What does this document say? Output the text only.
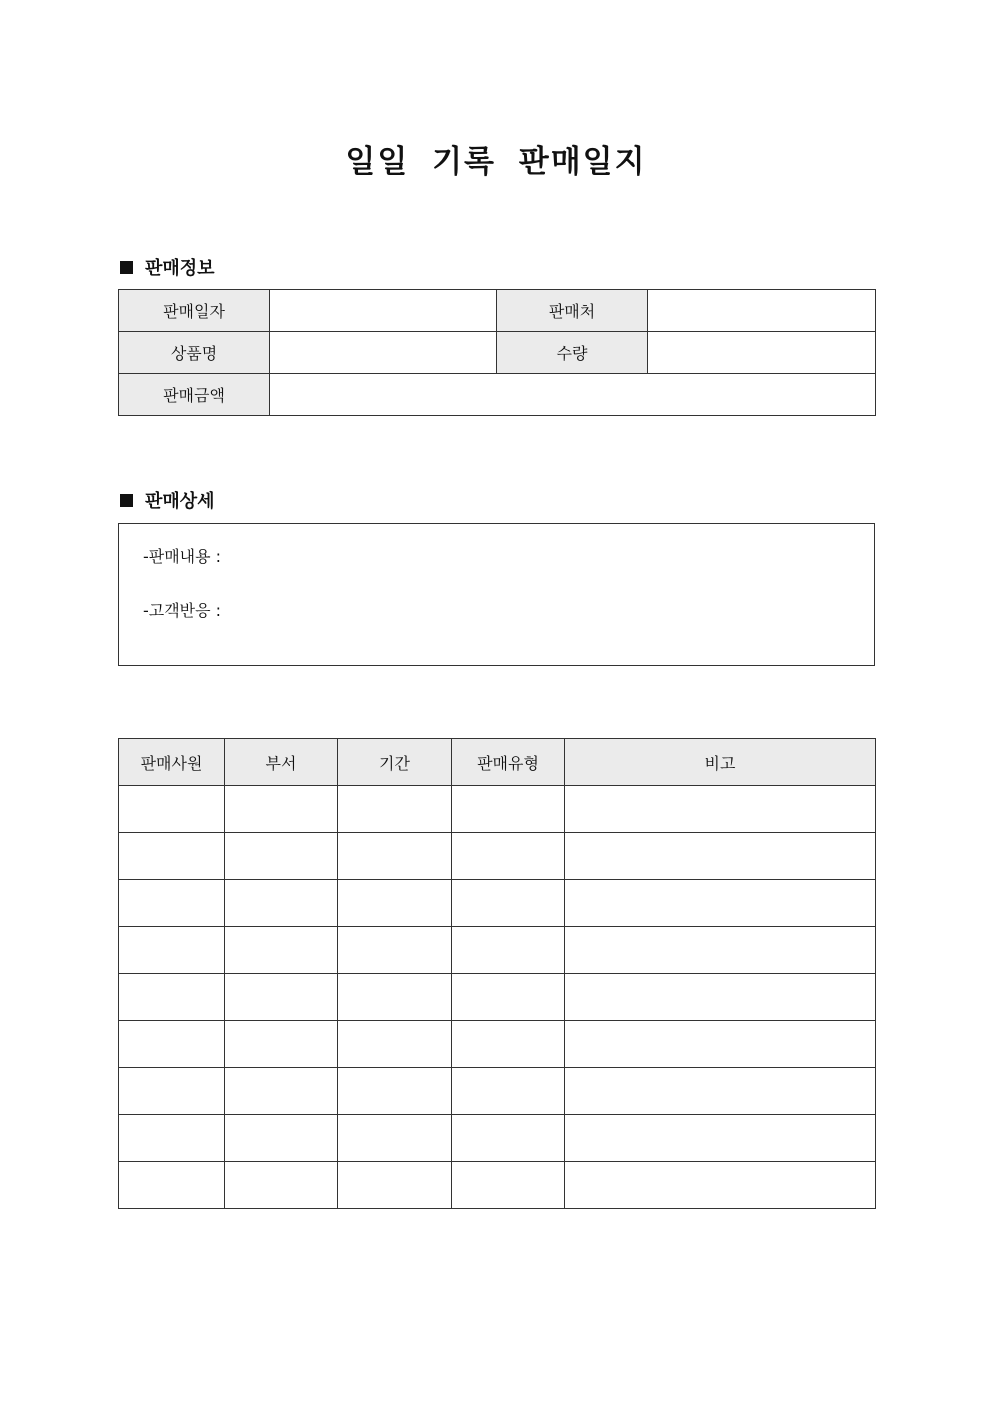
일일 기록 판매일지
판매정보
판매일자		판매처	
상품명		수량	
판매금액			
판매상세
-판매내용 :
-고객반응 :
판매사원	부서	기간	판매유형	비고
